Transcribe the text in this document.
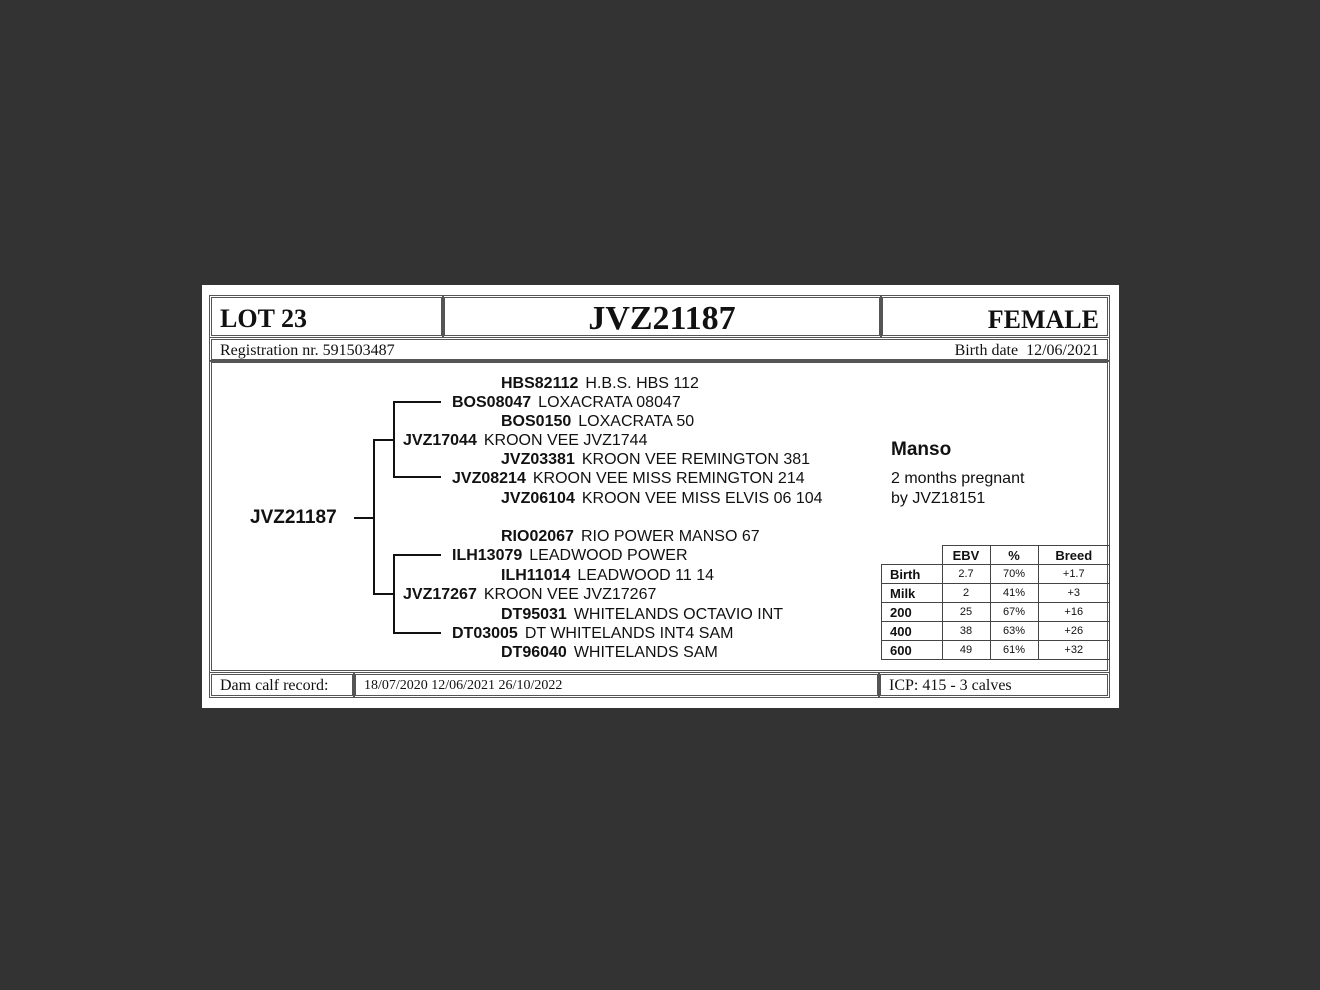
LOT 23	JVZ21187	FEMALE
Registration nr. 591503487	Birth date  12/06/2021
JVZ21187
HBS82112 H.B.S. HBS 112
BOS08047 LOXACRATA 08047
BOS0150 LOXACRATA 50
JVZ17044 KROON VEE JVZ1744
JVZ03381 KROON VEE REMINGTON 381
JVZ08214 KROON VEE MISS REMINGTON 214
JVZ06104 KROON VEE MISS ELVIS 06 104
RIO02067 RIO POWER MANSO 67
ILH13079 LEADWOOD POWER
ILH11014 LEADWOOD 11 14
JVZ17267 KROON VEE JVZ17267
DT95031 WHITELANDS OCTAVIO INT
DT03005 DT WHITELANDS INT4 SAM
DT96040 WHITELANDS SAM
Manso
2 months pregnant
by JVZ18151
	EBV	%	Breed
Birth	2.7	70%	+1.7
Milk	2	41%	+3
200	25	67%	+16
400	38	63%	+26
600	49	61%	+32
Dam calf record:	18/07/2020 12/06/2021 26/10/2022	ICP: 415 - 3 calves
